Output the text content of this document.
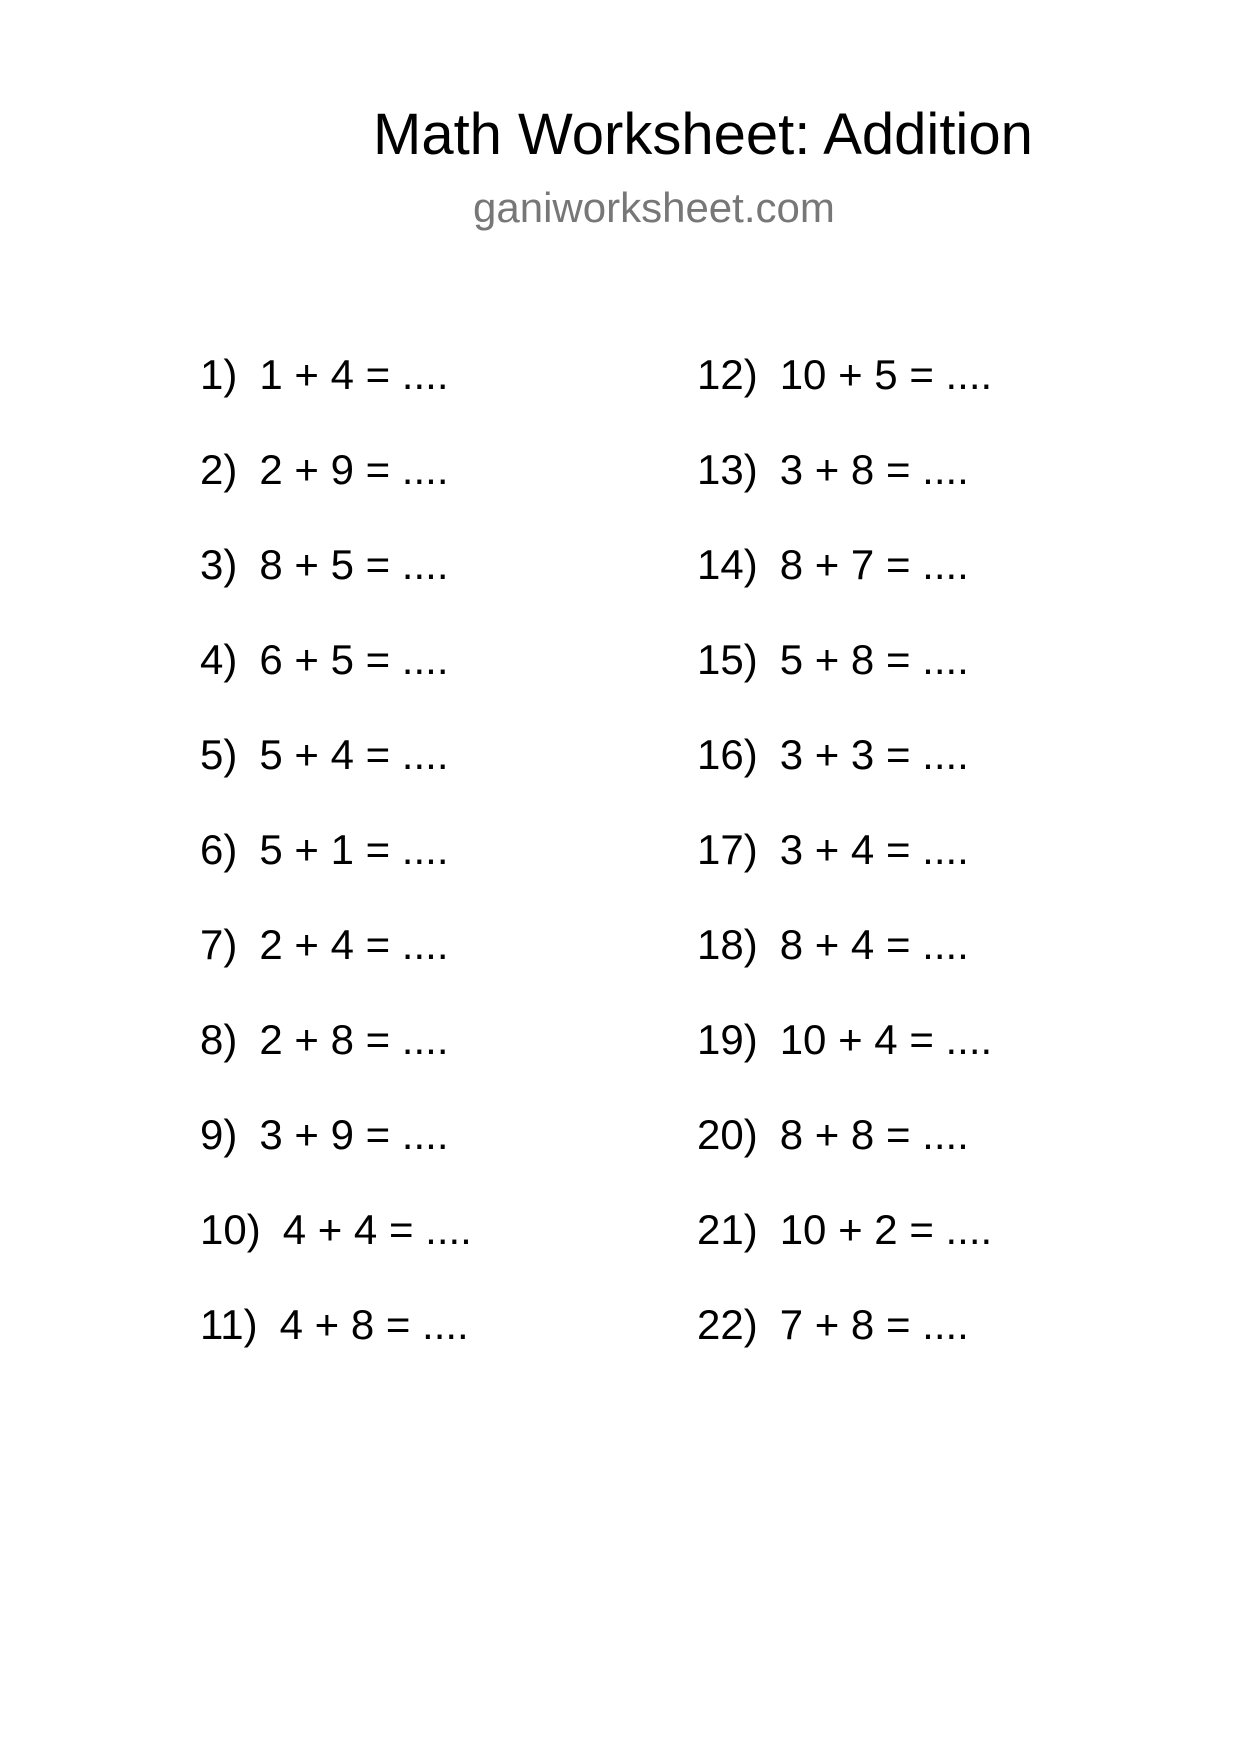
Math Worksheet: Addition
ganiworksheet.com
1) 1 + 4 = ....
2) 2 + 9 = ....
3) 8 + 5 = ....
4) 6 + 5 = ....
5) 5 + 4 = ....
6) 5 + 1 = ....
7) 2 + 4 = ....
8) 2 + 8 = ....
9) 3 + 9 = ....
10) 4 + 4 = ....
11) 4 + 8 = ....
12) 10 + 5 = ....
13) 3 + 8 = ....
14) 8 + 7 = ....
15) 5 + 8 = ....
16) 3 + 3 = ....
17) 3 + 4 = ....
18) 8 + 4 = ....
19) 10 + 4 = ....
20) 8 + 8 = ....
21) 10 + 2 = ....
22) 7 + 8 = ....
